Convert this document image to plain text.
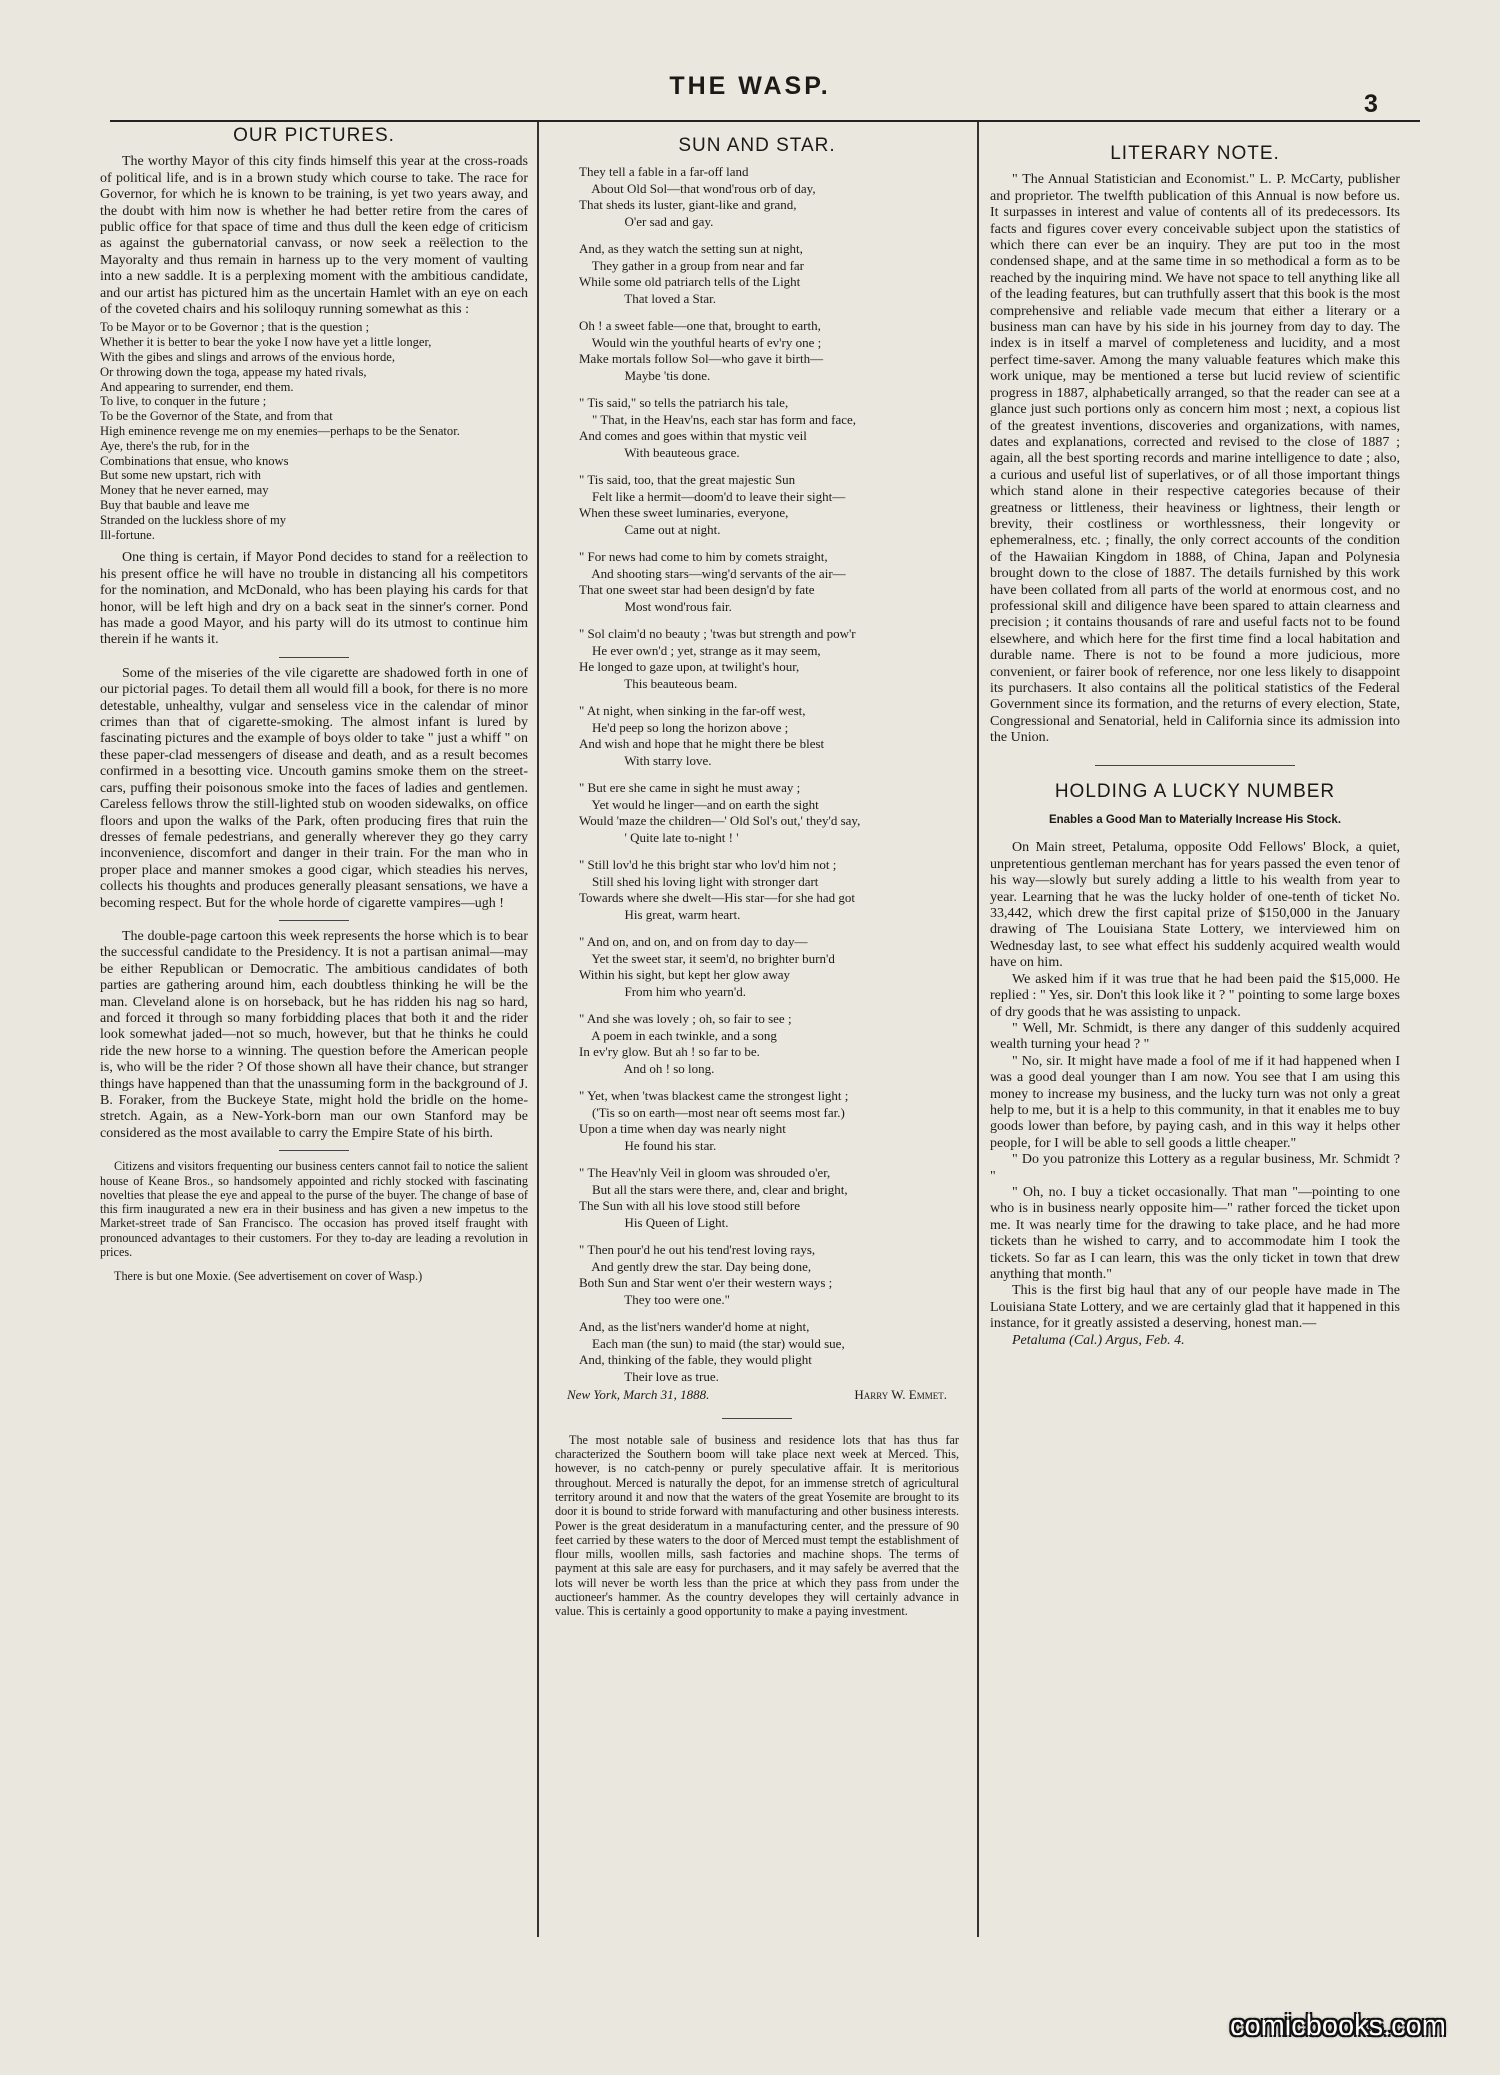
THE WASP.
3
OUR PICTURES.

The worthy Mayor of this city finds himself this year at the cross-roads of political life, and is in a brown study which course to take. The race for Governor, for which he is known to be training, is yet two years away, and the doubt with him now is whether he had better retire from the cares of public office for that space of time and thus dull the keen edge of criticism as against the gubernatorial canvass, or now seek a reëlection to the Mayoralty and thus remain in harness up to the very moment of vaulting into a new saddle. It is a perplexing moment with the ambitious candidate, and our artist has pictured him as the uncertain Hamlet with an eye on each of the coveted chairs and his soliloquy running somewhat as this :

To be Mayor or to be Governor ; that is the question ;
Whether it is better to bear the yoke I now have yet a little longer,
With the gibes and slings and arrows of the envious horde,
Or throwing down the toga, appease my hated rivals,
And appearing to surrender, end them.
To live, to conquer in the future ;
To be the Governor of the State, and from that
High eminence revenge me on my enemies—perhaps to be the Senator.
Aye, there's the rub, for in the
Combinations that ensue, who knows
But some new upstart, rich with
Money that he never earned, may
Buy that bauble and leave me
Stranded on the luckless shore of my
Ill-fortune.

One thing is certain, if Mayor Pond decides to stand for a reëlection to his present office he will have no trouble in distancing all his competitors for the nomination, and McDonald, who has been playing his cards for that honor, will be left high and dry on a back seat in the sinner's corner. Pond has made a good Mayor, and his party will do its utmost to continue him therein if he wants it.

Some of the miseries of the vile cigarette are shadowed forth in one of our pictorial pages. To detail them all would fill a book, for there is no more detestable, unhealthy, vulgar and senseless vice in the calendar of minor crimes than that of cigarette-smoking. The almost infant is lured by fascinating pictures and the example of boys older to take " just a whiff " on these paper-clad messengers of disease and death, and as a result becomes confirmed in a besotting vice. Uncouth gamins smoke them on the street-cars, puffing their poisonous smoke into the faces of ladies and gentlemen. Careless fellows throw the still-lighted stub on wooden sidewalks, on office floors and upon the walks of the Park, often producing fires that ruin the dresses of female pedestrians, and generally wherever they go they carry inconvenience, discomfort and danger in their train. For the man who in proper place and manner smokes a good cigar, which steadies his nerves, collects his thoughts and produces generally pleasant sensations, we have a becoming respect. But for the whole horde of cigarette vampires—ugh !

The double-page cartoon this week represents the horse which is to bear the successful candidate to the Presidency. It is not a partisan animal—may be either Republican or Democratic. The ambitious candidates of both parties are gathering around him, each doubtless thinking he will be the man. Cleveland alone is on horseback, but he has ridden his nag so hard, and forced it through so many forbidding places that both it and the rider look somewhat jaded—not so much, however, but that he thinks he could ride the new horse to a winning. The question before the American people is, who will be the rider ? Of those shown all have their chance, but stranger things have happened than that the unassuming form in the background of J. B. Foraker, from the Buckeye State, might hold the bridle on the home-stretch. Again, as a New-York-born man our own Stanford may be considered as the most available to carry the Empire State of his birth.

Citizens and visitors frequenting our business centers cannot fail to notice the salient house of Keane Bros., so handsomely appointed and richly stocked with fascinating novelties that please the eye and appeal to the purse of the buyer. The change of base of this firm inaugurated a new era in their business and has given a new impetus to the Market-street trade of San Francisco. The occasion has proved itself fraught with pronounced advantages to their customers. For they to-day are leading a revolution in prices.

There is but one Moxie. (See advertisement on cover of Wasp.)

SUN AND STAR.
They tell a fable in a far-off land
About Old Sol—that wond'rous orb of day,
That sheds its luster, giant-like and grand,
O'er sad and gay.
And, as they watch the setting sun at night,
They gather in a group from near and far
While some old patriarch tells of the Light
That loved a Star.
Oh ! a sweet fable—one that, brought to earth,
Would win the youthful hearts of ev'ry one ;
Make mortals follow Sol—who gave it birth—
Maybe 'tis done.
" Tis said," so tells the patriarch his tale,
" That, in the Heav'ns, each star has form and face,
And comes and goes within that mystic veil
With beauteous grace.
" Tis said, too, that the great majestic Sun
Felt like a hermit—doom'd to leave their sight—
When these sweet luminaries, everyone,
Came out at night.
" For news had come to him by comets straight,
And shooting stars—wing'd servants of the air—
That one sweet star had been design'd by fate
Most wond'rous fair.
" Sol claim'd no beauty ; 'twas but strength and pow'r
He ever own'd ; yet, strange as it may seem,
He longed to gaze upon, at twilight's hour,
This beauteous beam.
" At night, when sinking in the far-off west,
He'd peep so long the horizon above ;
And wish and hope that he might there be blest
With starry love.
" But ere she came in sight he must away ;
Yet would he linger—and on earth the sight
Would 'maze the children—' Old Sol's out,' they'd say,
' Quite late to-night ! '
" Still lov'd he this bright star who lov'd him not ;
Still shed his loving light with stronger dart
Towards where she dwelt—His star—for she had got
His great, warm heart.
" And on, and on, and on from day to day—
Yet the sweet star, it seem'd, no brighter burn'd
Within his sight, but kept her glow away
From him who yearn'd.
" And she was lovely ; oh, so fair to see ;
A poem in each twinkle, and a song
In ev'ry glow. But ah ! so far to be.
And oh ! so long.
" Yet, when 'twas blackest came the strongest light ;
('Tis so on earth—most near oft seems most far.)
Upon a time when day was nearly night
He found his star.
" The Heav'nly Veil in gloom was shrouded o'er,
But all the stars were there, and, clear and bright,
The Sun with all his love stood still before
His Queen of Light.
" Then pour'd he out his tend'rest loving rays,
And gently drew the star. Day being done,
Both Sun and Star went o'er their western ways ;
They too were one."
And, as the list'ners wander'd home at night,
Each man (the sun) to maid (the star) would sue,
And, thinking of the fable, they would plight
Their love as true.
New York, March 31, 1888.	Harry W. Emmet.

The most notable sale of business and residence lots that has thus far characterized the Southern boom will take place next week at Merced. This, however, is no catch-penny or purely speculative affair. It is meritorious throughout. Merced is naturally the depot, for an immense stretch of agricultural territory around it and now that the waters of the great Yosemite are brought to its door it is bound to stride forward with manufacturing and other business interests. Power is the great desideratum in a manufacturing center, and the pressure of 90 feet carried by these waters to the door of Merced must tempt the establishment of flour mills, woollen mills, sash factories and machine shops. The terms of payment at this sale are easy for purchasers, and it may safely be averred that the lots will never be worth less than the price at which they pass from under the auctioneer's hammer. As the country developes they will certainly advance in value. This is certainly a good opportunity to make a paying investment.

LITERARY NOTE.

" The Annual Statistician and Economist." L. P. McCarty, publisher and proprietor. The twelfth publication of this Annual is now before us. It surpasses in interest and value of contents all of its predecessors. Its facts and figures cover every conceivable subject upon the statistics of which there can ever be an inquiry. They are put too in the most condensed shape, and at the same time in so methodical a form as to be reached by the inquiring mind. We have not space to tell anything like all of the leading features, but can truthfully assert that this book is the most comprehensive and reliable vade mecum that either a literary or a business man can have by his side in his journey from day to day. The index is in itself a marvel of completeness and lucidity, and a most perfect time-saver. Among the many valuable features which make this work unique, may be mentioned a terse but lucid review of scientific progress in 1887, alphabetically arranged, so that the reader can see at a glance just such portions only as concern him most ; next, a copious list of the greatest inventions, discoveries and organizations, with names, dates and explanations, corrected and revised to the close of 1887 ; again, all the best sporting records and marine intelligence to date ; also, a curious and useful list of superlatives, or of all those important things which stand alone in their respective categories because of their greatness or littleness, their heaviness or lightness, their length or brevity, their costliness or worthlessness, their longevity or ephemeralness, etc. ; finally, the only correct accounts of the condition of the Hawaiian Kingdom in 1888, of China, Japan and Polynesia brought down to the close of 1887. The details furnished by this work have been collated from all parts of the world at enormous cost, and no professional skill and diligence have been spared to attain clearness and precision ; it contains thousands of rare and useful facts not to be found elsewhere, and which here for the first time find a local habitation and durable name. There is not to be found a more judicious, more convenient, or fairer book of reference, nor one less likely to disappoint its purchasers. It also contains all the political statistics of the Federal Government since its formation, and the returns of every election, State, Congressional and Senatorial, held in California since its admission into the Union.

HOLDING A LUCKY NUMBER
Enables a Good Man to Materially Increase His Stock.

On Main street, Petaluma, opposite Odd Fellows' Block, a quiet, unpretentious gentleman merchant has for years passed the even tenor of his way—slowly but surely adding a little to his wealth from year to year. Learning that he was the lucky holder of one-tenth of ticket No. 33,442, which drew the first capital prize of $150,000 in the January drawing of The Louisiana State Lottery, we interviewed him on Wednesday last, to see what effect his suddenly acquired wealth would have on him.

We asked him if it was true that he had been paid the $15,000. He replied : " Yes, sir. Don't this look like it ? " pointing to some large boxes of dry goods that he was assisting to unpack.

" Well, Mr. Schmidt, is there any danger of this suddenly acquired wealth turning your head ? "

" No, sir. It might have made a fool of me if it had happened when I was a good deal younger than I am now. You see that I am using this money to increase my business, and the lucky turn was not only a great help to me, but it is a help to this community, in that it enables me to buy goods lower than before, by paying cash, and in this way it helps other people, for I will be able to sell goods a little cheaper."

" Do you patronize this Lottery as a regular business, Mr. Schmidt ? "

" Oh, no. I buy a ticket occasionally. That man "—pointing to one who is in business nearly opposite him—" rather forced the ticket upon me. It was nearly time for the drawing to take place, and he had more tickets than he wished to carry, and to accommodate him I took the tickets. So far as I can learn, this was the only ticket in town that drew anything that month."

This is the first big haul that any of our people have made in The Louisiana State Lottery, and we are certainly glad that it happened in this instance, for it greatly assisted a deserving, honest man.—

Petaluma (Cal.) Argus, Feb. 4.
comicbooks.com
